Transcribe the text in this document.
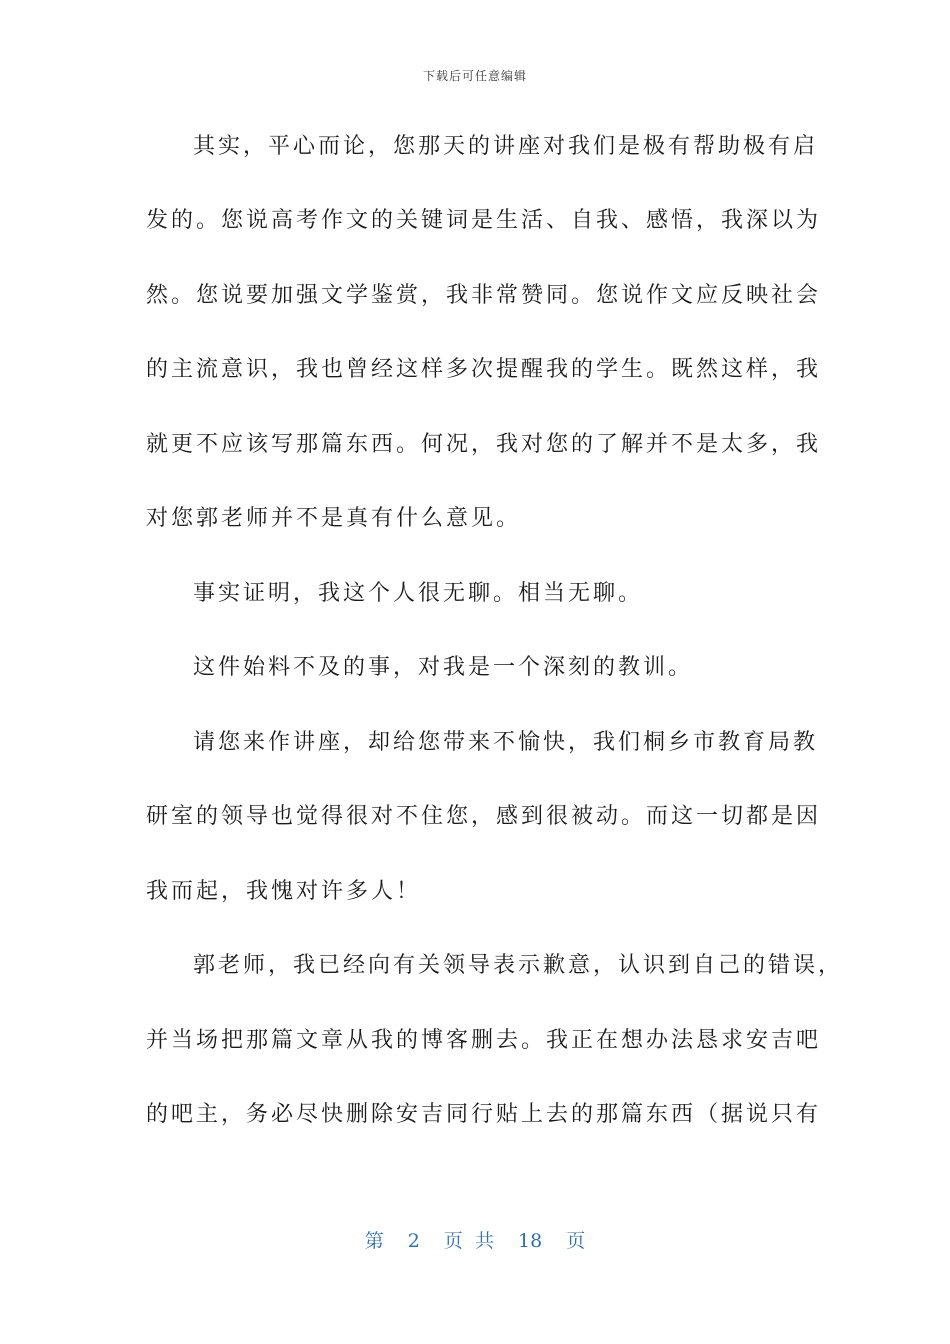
下载后可任意编辑
其实，平心而论，您那天的讲座对我们是极有帮助极有启
发的。您说高考作文的关键词是生活、自我、感悟，我深以为
然。您说要加强文学鉴赏，我非常赞同。您说作文应反映社会
的主流意识，我也曾经这样多次提醒我的学生。既然这样，我
就更不应该写那篇东西。何况，我对您的了解并不是太多，我
对您郭老师并不是真有什么意见。
事实证明，我这个人很无聊。相当无聊。
这件始料不及的事，对我是一个深刻的教训。
请您来作讲座，却给您带来不愉快，我们桐乡市教育局教
研室的领导也觉得很对不住您，感到很被动。而这一切都是因
我而起，我愧对许多人！
郭老师，我已经向有关领导表示歉意，认识到自己的错误，
并当场把那篇文章从我的博客删去。我正在想办法恳求安吉吧
的吧主，务必尽快删除安吉同行贴上去的那篇东西（据说只有
第 2 页 共 18 页
